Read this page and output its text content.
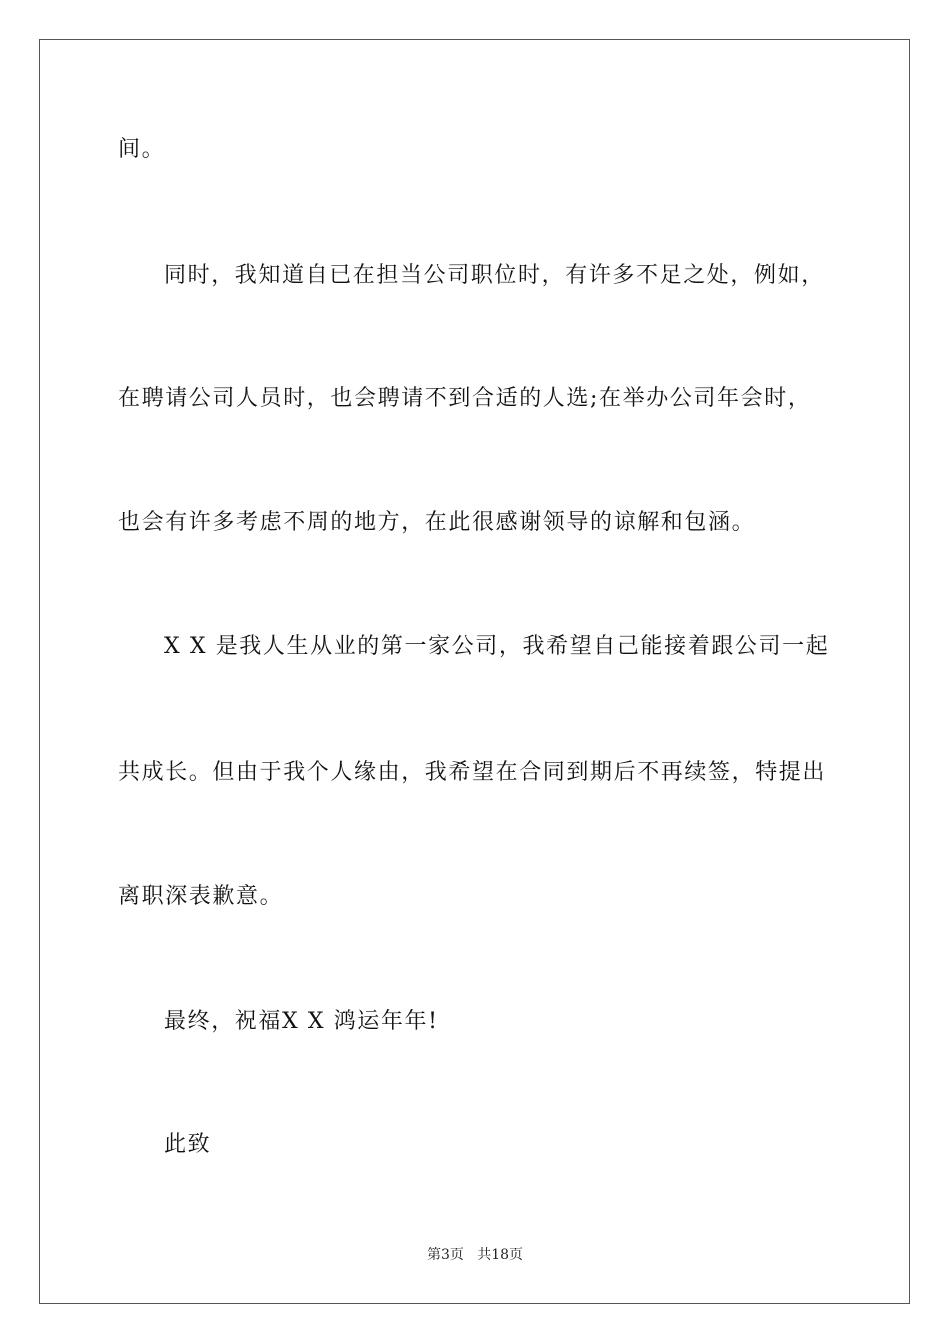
间。
同时，我知道自已在担当公司职位时，有许多不足之处，例如，
在聘请公司人员时，也会聘请不到合适的人选;在举办公司年会时，
也会有许多考虑不周的地方，在此很感谢领导的谅解和包涵。
X X 是我人生从业的第一家公司，我希望自己能接着跟公司一起
共成长。但由于我个人缘由，我希望在合同到期后不再续签，特提出
离职深表歉意。
最终，祝福X X 鸿运年年!
此致
第3页   共18页
